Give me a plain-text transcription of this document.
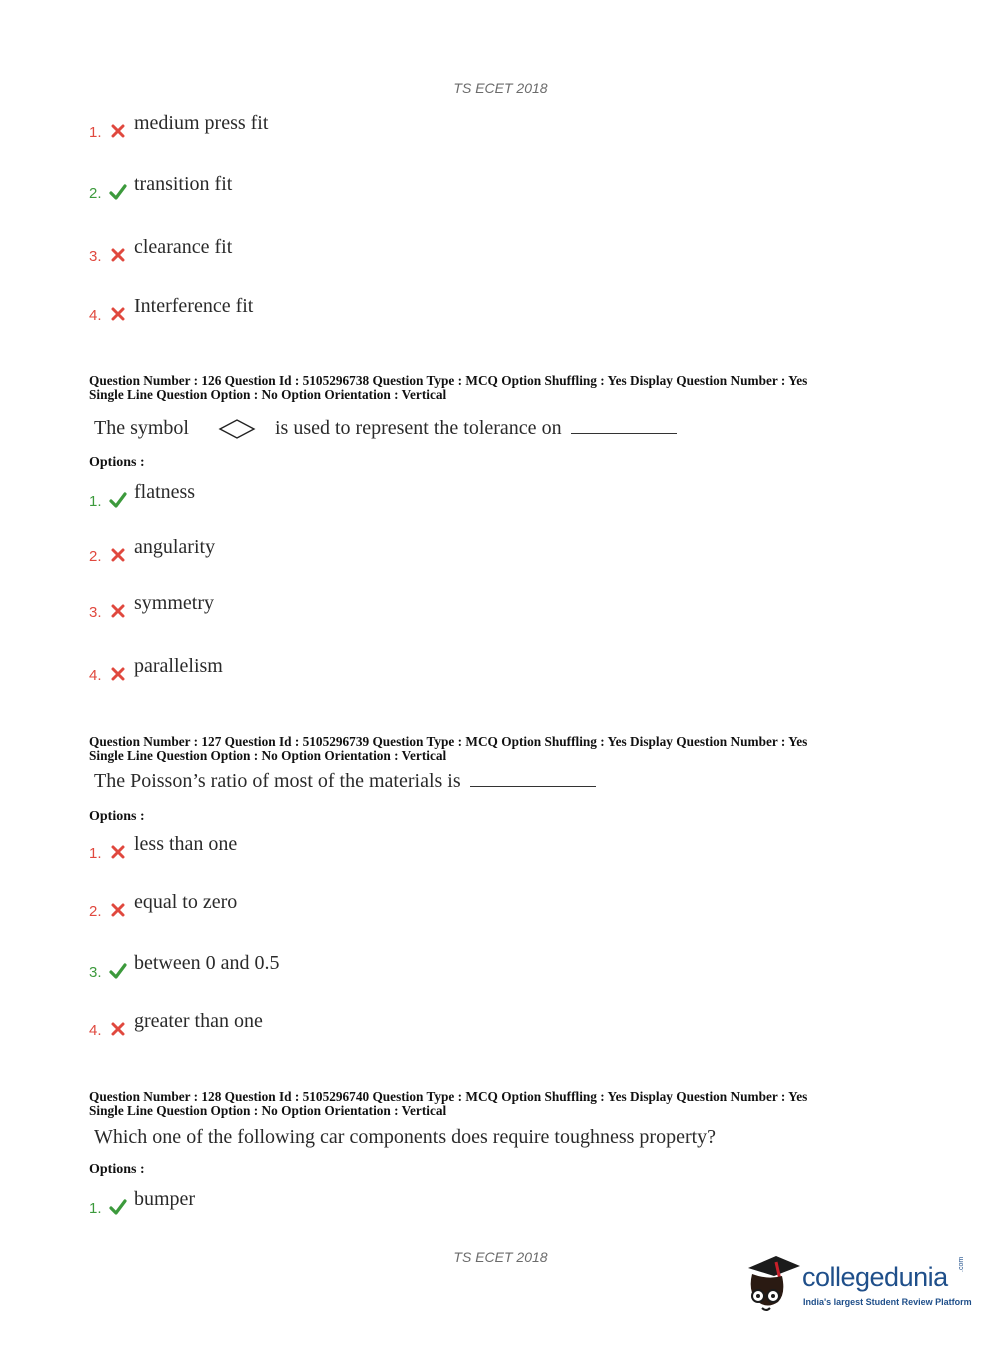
TS ECET 2018
1. medium press fit
2. transition fit
3. clearance fit
4. Interference fit
Question Number : 126 Question Id : 5105296738 Question Type : MCQ Option Shuffling : Yes Display Question Number : Yes
Single Line Question Option : No Option Orientation : Vertical
The symbol	is used to represent the tolerance on
Options :
1. flatness
2. angularity
3. symmetry
4. parallelism
Question Number : 127 Question Id : 5105296739 Question Type : MCQ Option Shuffling : Yes Display Question Number : Yes
Single Line Question Option : No Option Orientation : Vertical
The Poisson’s ratio of most of the materials is
Options :
1. less than one
2. equal to zero
3. between 0 and 0.5
4. greater than one
Question Number : 128 Question Id : 5105296740 Question Type : MCQ Option Shuffling : Yes Display Question Number : Yes
Single Line Question Option : No Option Orientation : Vertical
Which one of the following car components does require toughness property?
Options :
1. bumper
TS ECET 2018
collegedunia .com
India's largest Student Review Platform
